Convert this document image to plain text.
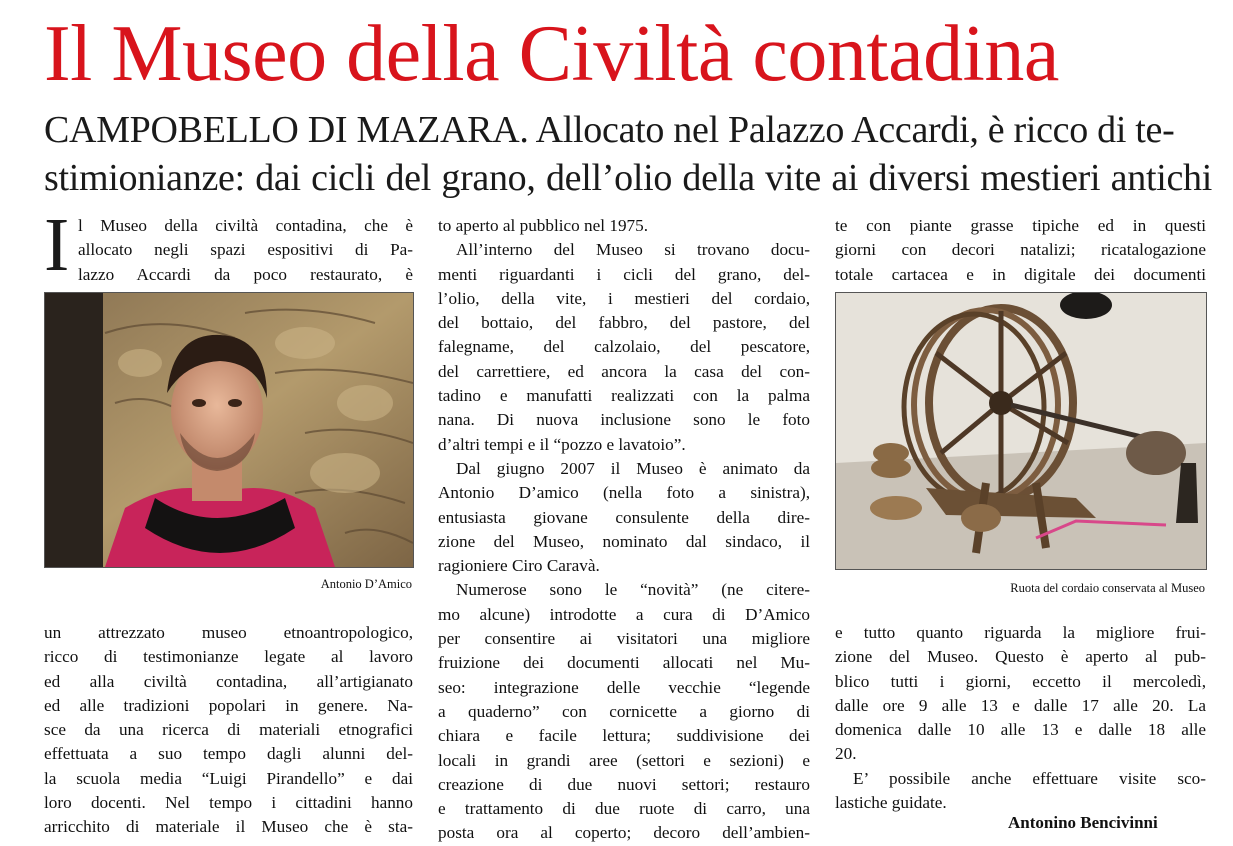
Il Museo della Civiltà contadina
CAMPOBELLO DI MAZARA. Allocato nel Palazzo Accardi, è ricco di te-
stimionianze: dai cicli del grano, dell’olio della vite ai diversi mestieri antichi
I l Museo della civiltà contadina, che è
allocato negli spazi espositivi di Pa-
lazzo Accardi da poco restaurato, è
Antonio D’Amico
un attrezzato museo etnoantropologico,
ricco di testimonianze legate al lavoro
ed alla civiltà contadina, all’artigianato
ed alle tradizioni popolari in genere. Na-
sce da una ricerca di materiali etnografici
effettuata a suo tempo dagli alunni del-
la scuola media “Luigi Pirandello” e dai
loro docenti. Nel tempo i cittadini hanno
arricchito di materiale il Museo che è sta-
to aperto al pubblico nel 1975.
All’interno del Museo si trovano docu-
menti riguardanti i cicli del grano, del-
l’olio, della vite, i mestieri del cordaio,
del bottaio, del fabbro, del pastore, del
falegname, del calzolaio, del pescatore,
del carrettiere, ed ancora la casa del con-
tadino e manufatti realizzati con la palma
nana. Di nuova inclusione sono le foto
d’altri tempi e il “pozzo e lavatoio”.
Dal giugno 2007 il Museo è animato da
Antonio D’amico (nella foto a sinistra),
entusiasta giovane consulente della dire-
zione del Museo, nominato dal sindaco, il
ragioniere Ciro Caravà.
Numerose sono le “novità” (ne citere-
mo alcune) introdotte a cura di D’Amico
per consentire ai visitatori una migliore
fruizione dei documenti allocati nel Mu-
seo: integrazione delle vecchie “legende
a quaderno” con cornicette a giorno di
chiara e facile lettura; suddivisione dei
locali in grandi aree (settori e sezioni) e
creazione di due nuovi settori; restauro
e trattamento di due ruote di carro, una
posta ora al coperto; decoro dell’ambien-
te con piante grasse tipiche ed in questi
giorni con decori natalizi; ricatalogazione
totale cartacea e in digitale dei documenti
Ruota del cordaio conservata al Museo
e tutto quanto riguarda la migliore frui-
zione del Museo. Questo è aperto al pub-
blico tutti i giorni, eccetto il mercoledì,
dalle ore 9 alle 13 e dalle 17 alle 20. La
domenica dalle 10 alle 13 e dalle 18 alle
20.
E’ possibile anche effettuare visite sco-
lastiche guidate.
Antonino Bencivinni
